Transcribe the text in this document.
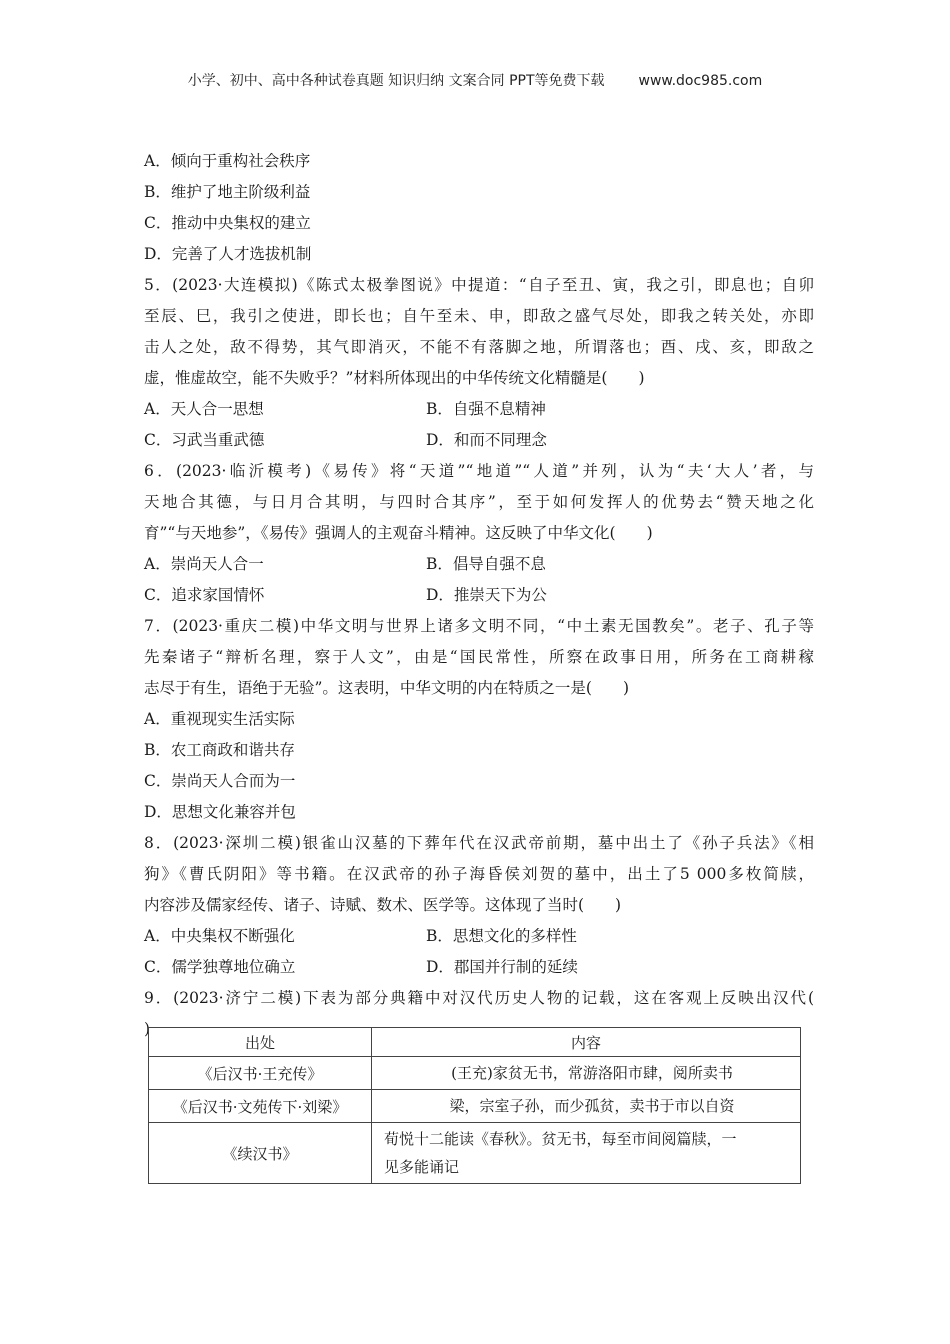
小学、初中、高中各种试卷真题 知识归纳 文案合同 PPT等免费下载 www.doc985.com
A．倾向于重构社会秩序
B．维护了地主阶级利益
C．推动中央集权的建立
D．完善了人才选拔机制
5．(2023·大连模拟)《陈式太极拳图说》中提道：“自子至丑、寅，我之引，即息也；自卯
至辰、巳，我引之使进，即长也；自午至未、申，即敌之盛气尽处，即我之转关处，亦即
击人之处，敌不得势，其气即消灭，不能不有落脚之地，所谓落也；酉、戌、亥，即敌之
虚，惟虚故空，能不失败乎？”材料所体现出的中华传统文化精髓是(　　)
A．天人合一思想	B．自强不息精神
C．习武当重武德	D．和而不同理念
6．(2023·临沂模考)《易传》将“天道”“地道”“人道”并列，认为“夫‘大人’者，与
天地合其德，与日月合其明，与四时合其序”，至于如何发挥人的优势去“赞天地之化
育”“与天地参”，《易传》强调人的主观奋斗精神。这反映了中华文化(　　)
A．崇尚天人合一	B．倡导自强不息
C．追求家国情怀	D．推崇天下为公
7．(2023·重庆二模)中华文明与世界上诸多文明不同，“中土素无国教矣”。老子、孔子等
先秦诸子“辩析名理，察于人文”，由是“国民常性，所察在政事日用，所务在工商耕稼
志尽于有生，语绝于无验”。这表明，中华文明的内在特质之一是(　　)
A．重视现实生活实际
B．农工商政和谐共存
C．崇尚天人合而为一
D．思想文化兼容并包
8．(2023·深圳二模)银雀山汉墓的下葬年代在汉武帝前期，墓中出土了《孙子兵法》《相
狗》《曹氏阴阳》等书籍。在汉武帝的孙子海昏侯刘贺的墓中，出土了5 000多枚简牍，
内容涉及儒家经传、诸子、诗赋、数术、医学等。这体现了当时(　　)
A．中央集权不断强化	B．思想文化的多样性
C．儒学独尊地位确立	D．郡国并行制的延续
9．(2023·济宁二模)下表为部分典籍中对汉代历史人物的记载，这在客观上反映出汉代(
)
出处	内容
《后汉书·王充传》	(王充)家贫无书，常游洛阳市肆，阅所卖书
《后汉书·文苑传下·刘梁》	梁，宗室子孙，而少孤贫，卖书于市以自资
《续汉书》	荀悦十二能读《春秋》。贫无书，每至市间阅篇牍，一
见多能诵记
